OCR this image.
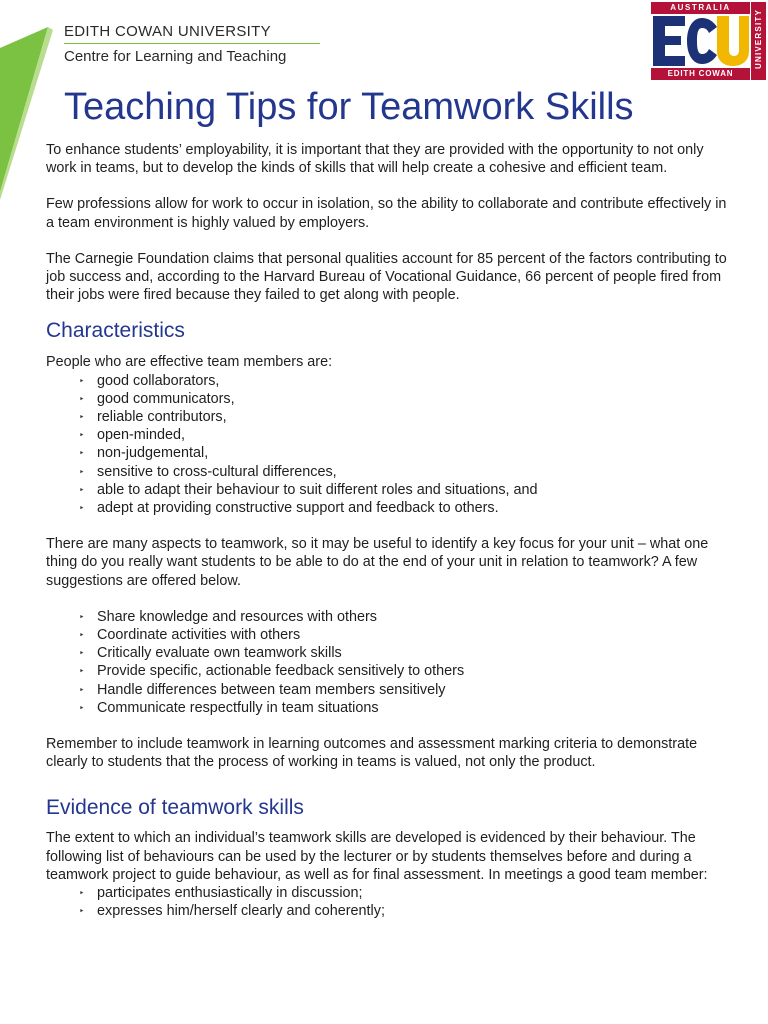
EDITH COWAN UNIVERSITY
Centre for Learning and Teaching
AUSTRALIA
EDITH COWAN
UNIVERSITY
Teaching Tips for Teamwork Skills

To enhance students’ employability, it is important that they are provided with the opportunity to not only work in teams, but to develop the kinds of skills that will help create a cohesive and efficient team.

Few professions allow for work to occur in isolation, so the ability to collaborate and contribute effectively in a team environment is highly valued by employers.

The Carnegie Foundation claims that personal qualities account for 85 percent of the factors contributing to job success and, according to the Harvard Bureau of Vocational Guidance, 66 percent of people fired from their jobs were fired because they failed to get along with people.

Characteristics

People who are effective team members are:

‣ good collaborators,
‣ good communicators,
‣ reliable contributors,
‣ open-minded,
‣ non-judgemental,
‣ sensitive to cross-cultural differences,
‣ able to adapt their behaviour to suit different roles and situations, and
‣ adept at providing constructive support and feedback to others.

There are many aspects to teamwork, so it may be useful to identify a key focus for your unit – what one thing do you really want students to be able to do at the end of your unit in relation to teamwork? A few suggestions are offered below.

‣ Share knowledge and resources with others
‣ Coordinate activities with others
‣ Critically evaluate own teamwork skills
‣ Provide specific, actionable feedback sensitively to others
‣ Handle differences between team members sensitively
‣ Communicate respectfully in team situations

Remember to include teamwork in learning outcomes and assessment marking criteria to demonstrate clearly to students that the process of working in teams is valued, not only the product.

Evidence of teamwork skills

The extent to which an individual’s teamwork skills are developed is evidenced by their behaviour. The following list of behaviours can be used by the lecturer or by students themselves before and during a teamwork project to guide behaviour, as well as for final assessment. In meetings a good team member:

‣ participates enthusiastically in discussion;
‣ expresses him/herself clearly and coherently;
